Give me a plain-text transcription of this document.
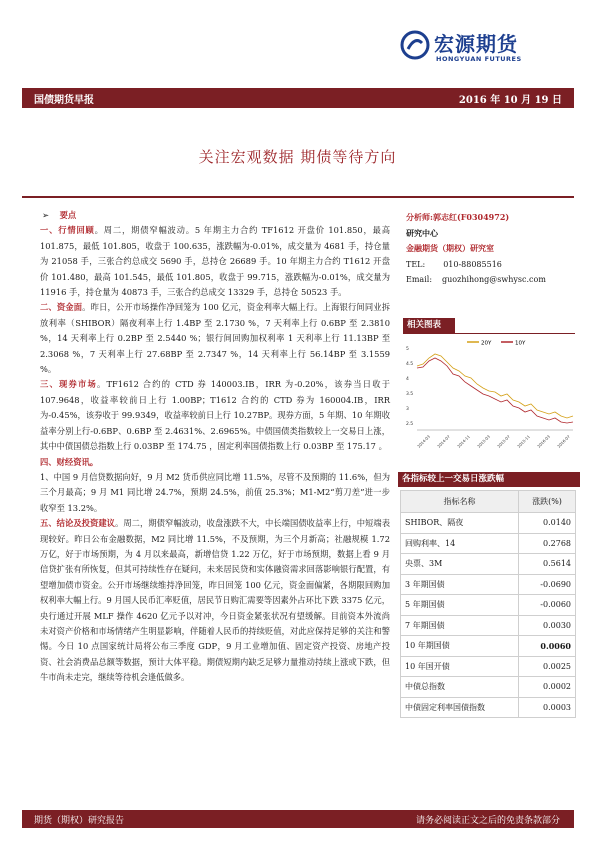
宏源期货
HONGYUAN FUTURES
国债期货早报	2016 年 10 月 19 日
关注宏观数据 期债等待方向

➢ 要点

一、行情回顾。周二，期债窄幅波动。5 年期主力合约 TF1612 开盘价 101.850，最高 101.875，最低 101.805，收盘于 100.635，涨跌幅为-0.01%，成交量为 4681 手，持仓量为 21058 手，三张合约总成交 5690 手，总持仓 26689 手。10 年期主力合约 T1612 开盘价 101.480，最高 101.545，最低 101.805，收盘于 99.715，涨跌幅为-0.01%，成交量为 11916 手，持仓量为 40873 手，三张合约总成交 13329 手，总持仓 50523 手。

二、资金面。昨日，公开市场操作净回笼为 100 亿元，资金利率大幅上行。上海银行间同业拆放利率（SHIBOR）隔夜利率上行 1.4BP 至 2.1730 %，7 天利率上行 0.6BP 至 2.3810 %，14 天利率上行 0.2BP 至 2.5440 %；银行间回购加权利率 1 天利率上行 11.13BP 至 2.3068 %，7 天利率上行 27.68BP 至 2.7347 %，14 天利率上行 56.14BP 至 3.1559 %。

三、现券市场。TF1612 合约的 CTD 券 140003.IB，IRR 为-0.20%，该券当日收于 107.9648，收益率较前日上行 1.00BP；T1612 合约的 CTD 券为 160004.IB，IRR 为-0.45%，该券收于 99.9349，收益率较前日上行 10.27BP。现券方面，5 年期、10 年期收益率分别上行-0.6BP、0.6BP 至 2.4631%、2.6965%。中债国债类指数较上一交易日上涨，其中中债国债总指数上行 0.03BP 至 174.75 ，固定利率国债指数上行 0.03BP 至 175.17 。

四、财经资讯。

1、中国 9 月信贷数据向好，9 月 M2 货币供应同比增 11.5%，尽管不及预期的 11.6%，但为三个月最高；9 月 M1 同比增 24.7%，预期 24.5%，前值 25.3%；M1-M2“剪刀差”进一步收窄至 13.2%。

五、结论及投资建议。周二，期债窄幅波动，收盘涨跌不大，中长端国债收益率上行，中短端表现较好。昨日公布金融数据，M2 同比增 11.5%，不及预期，为三个月新高；社融规模 1.72 万亿，好于市场预期，为 4 月以来最高，新增信贷 1.22 万亿，好于市场预期，数据上看 9 月信贷扩张有所恢复，但其可持续性存在疑问，未来居民贷和实体融资需求回落影响银行配置，有望增加债市资金。公开市场继续维持净回笼，昨日回笼 100 亿元，资金面偏紧，各期限回购加权利率大幅上行。9 月国人民币汇率贬值，居民节日购汇需要等因素外占环比下跌 3375 亿元，央行通过开展 MLF 操作 4620 亿元予以对冲，今日资金紧张状况有望缓解。目前资本外流尚未对资产价格和市场情绪产生明显影响，伴随着人民币的持续贬值，对此应保持足够的关注和警惕。今日 10 点国家统计局将公布三季度 GDP，9 月工业增加值、固定资产投资、房地产投资、社会消费品总额等数据，预计大体平稳。期债短期内缺乏足够力量推动持续上涨或下跌，但牛市尚未走完，继续等待机会逢低做多。

分析师:郭志红(F0304972)
研究中心
金融期货（期权）研究室
TEL: 010-88085516
Email: guozhihong@swhysc.com
相关图表
20Y	10Y
5
4.5
4
3.5
3
2.5
2014-03 2014-07 2014-11 2015-03 2015-07 2015-11 2016-03 2016-07
各指标较上一交易日涨跌幅
指标名称	涨跌(%)
SHIBOR、隔夜	0.0140
回购利率、14	0.2768
央票、3M	0.5614
3 年期国债	-0.0690
5 年期国债	-0.0060
7 年期国债	0.0030
10 年期国债	0.0060
10 年国开债	0.0025
中债总指数	0.0002
中债固定利率国债指数	0.0003
期货（期权）研究报告	请务必阅读正文之后的免责条款部分
